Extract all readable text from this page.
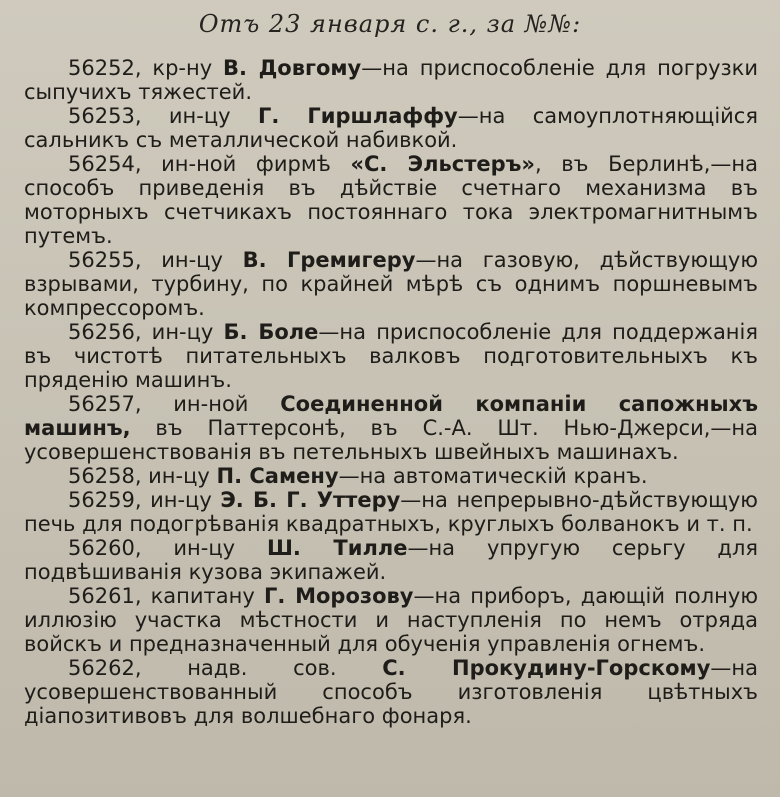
Отъ 23 января с. г., за №№:

56252, кр-ну В. Довгому—на приспособленіе для погрузки сыпучихъ тяжестей.

56253, ин-цу Г. Гиршлаффу—на самоуплотняющійся сальникъ съ металлической набивкой.

56254, ин-ной фирмѣ «С. Эльстеръ», въ Берлинѣ,—на способъ приведенія въ дѣйствіе счетнаго механизма въ моторныхъ счетчикахъ постояннаго тока электромагнитнымъ путемъ.

56255, ин-цу В. Гремигеру—на газовую, дѣйствующую взрывами, турбину, по крайней мѣрѣ съ однимъ поршневымъ компрессоромъ.

56256, ин-цу Б. Боле—на приспособленіе для поддержанія въ чистотѣ питательныхъ валковъ подготовительныхъ къ пряденію машинъ.

56257, ин-ной Соединенной компаніи сапожныхъ машинъ, въ Паттерсонѣ, въ С.-А. Шт. Нью-Джерси,—на усовершенствованія въ петельныхъ швейныхъ машинахъ.

56258, ин-цу П. Самену—на автоматическій кранъ.

56259, ин-цу Э. Б. Г. Уттеру—на непрерывно-дѣйствующую печь для подогрѣванія квадратныхъ, круглыхъ болванокъ и т. п.

56260, ин-цу Ш. Тилле—на упругую серьгу для подвѣшиванія кузова экипажей.

56261, капитану Г. Морозову—на приборъ, дающій полную иллюзію участка мѣстности и наступленія по немъ отряда войскъ и предназначенный для обученія управленія огнемъ.

56262, надв. сов. С. Прокудину-Горскому—на усовершенствованный способъ изготовленія цвѣтныхъ діапозитивовъ для волшебнаго фонаря.
